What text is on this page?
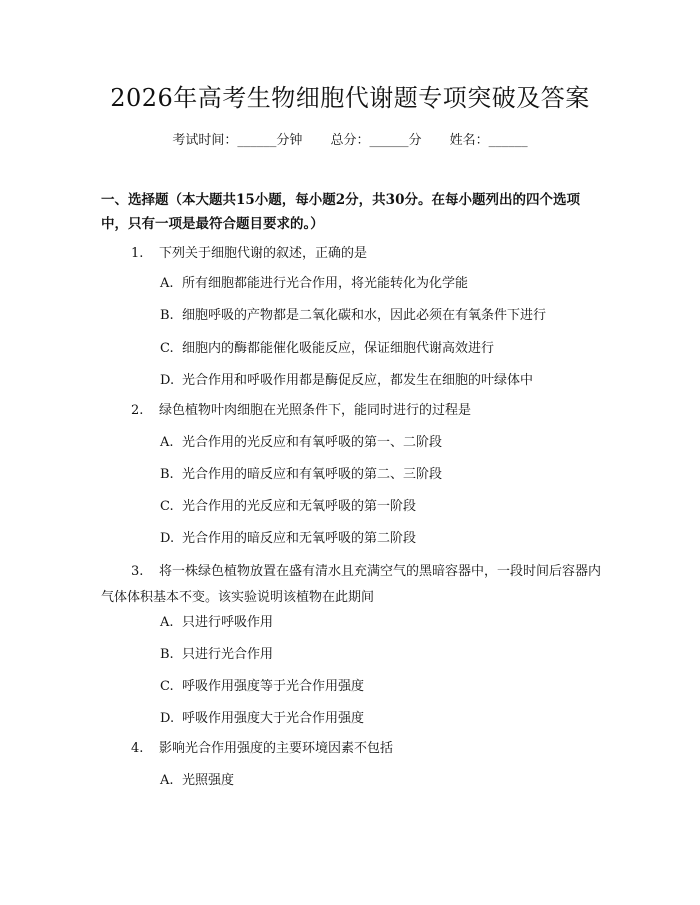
2026年高考生物细胞代谢题专项突破及答案
考试时间：______分钟 总分：______分 姓名：______

一、选择题（本大题共15小题，每小题2分，共30分。在每小题列出的四个选项中，只有一项是最符合题目要求的。）

1. 下列关于细胞代谢的叙述，正确的是
A. 所有细胞都能进行光合作用，将光能转化为化学能
B. 细胞呼吸的产物都是二氧化碳和水，因此必须在有氧条件下进行
C. 细胞内的酶都能催化吸能反应，保证细胞代谢高效进行
D. 光合作用和呼吸作用都是酶促反应，都发生在细胞的叶绿体中
2. 绿色植物叶肉细胞在光照条件下，能同时进行的过程是
A. 光合作用的光反应和有氧呼吸的第一、二阶段
B. 光合作用的暗反应和有氧呼吸的第二、三阶段
C. 光合作用的光反应和无氧呼吸的第一阶段
D. 光合作用的暗反应和无氧呼吸的第二阶段
3. 将一株绿色植物放置在盛有清水且充满空气的黑暗容器中，一段时间后容器内气体体积基本不变。该实验说明该植物在此期间
A. 只进行呼吸作用
B. 只进行光合作用
C. 呼吸作用强度等于光合作用强度
D. 呼吸作用强度大于光合作用强度
4. 影响光合作用强度的主要环境因素不包括
A. 光照强度
